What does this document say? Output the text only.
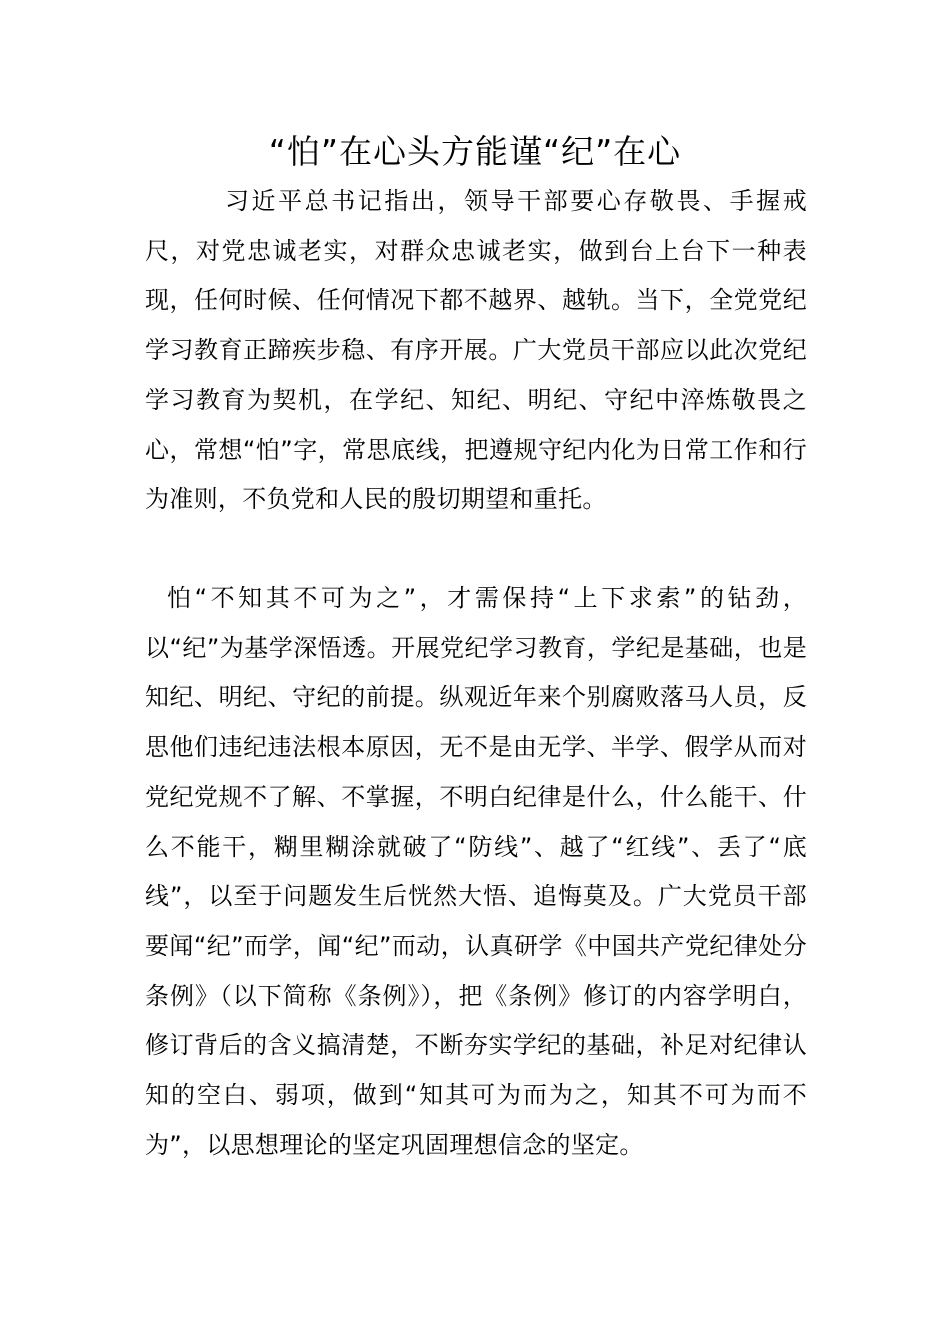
“怕”在心头方能谨“纪”在心

习近平总书记指出，领导干部要心存敬畏、手握戒尺，对党忠诚老实，对群众忠诚老实，做到台上台下一种表现，任何时候、任何情况下都不越界、越轨。当下，全党党纪学习教育正蹄疾步稳、有序开展。广大党员干部应以此次党纪学习教育为契机，在学纪、知纪、明纪、守纪中淬炼敬畏之心，常想“怕”字，常思底线，把遵规守纪内化为日常工作和行为准则，不负党和人民的殷切期望和重托。

怕“不知其不可为之”，才需保持“上下求索”的钻劲，以“纪”为基学深悟透。开展党纪学习教育，学纪是基础，也是知纪、明纪、守纪的前提。纵观近年来个别腐败落马人员，反思他们违纪违法根本原因，无不是由无学、半学、假学从而对党纪党规不了解、不掌握，不明白纪律是什么，什么能干、什么不能干，糊里糊涂就破了“防线”、越了“红线”、丢了“底线”，以至于问题发生后恍然大悟、追悔莫及。广大党员干部要闻“纪”而学，闻“纪”而动，认真研学《中国共产党纪律处分条例》（以下简称《条例》），把《条例》修订的内容学明白，修订背后的含义搞清楚，不断夯实学纪的基础，补足对纪律认知的空白、弱项，做到“知其可为而为之，知其不可为而不为”，以思想理论的坚定巩固理想信念的坚定。
